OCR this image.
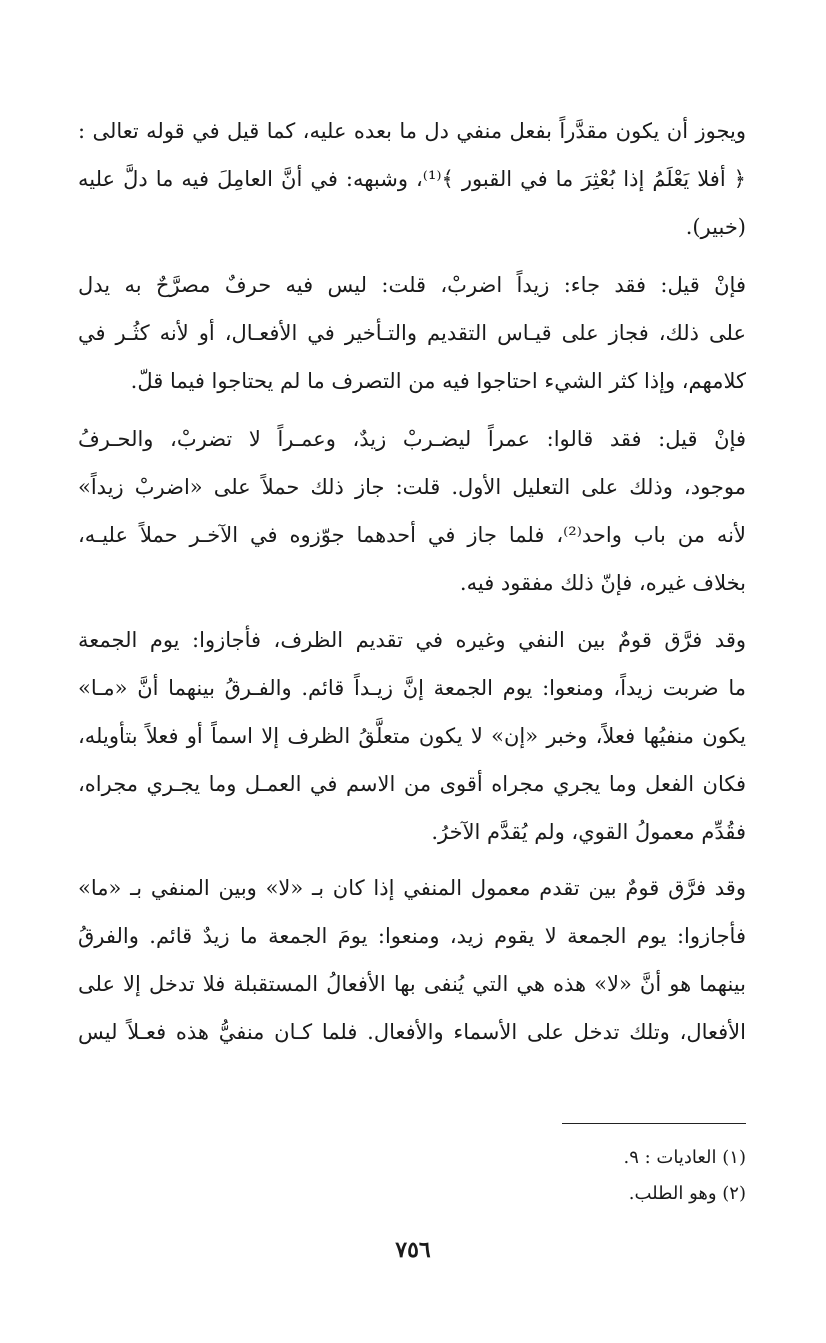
ويجوز أن يكون مقدَّراً بفعل منفي دل ما بعده عليه، كما قيل في قوله تعالى :
﴿ أفلا يَعْلَمُ إذا بُعْثِرَ ما في القبور ﴾⁽¹⁾، وشبهه: في أنَّ العامِلَ فيه ما دلَّ عليه
(خبير).
فإنْ قيل: فقد جاء: زيداً اضربْ، قلت: ليس فيه حرفٌ مصرَّحٌ به يدل
على ذلك، فجاز على قيـاس التقديم والتـأخير في الأفعـال، أو لأنه كثُـر في
كلامهم، وإذا كثر الشيء احتاجوا فيه من التصرف ما لم يحتاجوا فيما قلّ.
فإنْ قيل: فقد قالوا: عمراً ليضـربْ زيدٌ، وعمـراً لا تضربْ، والحـرفُ
موجود، وذلك على التعليل الأول. قلت: جاز ذلك حملاً على «اضربْ زيداً»
لأنه من باب واحد⁽²⁾، فلما جاز في أحدهما جوّزوه في الآخـر حملاً عليـه،
بخلاف غيره، فإنّ ذلك مفقود فيه.
وقد فرَّق قومٌ بين النفي وغيره في تقديم الظرف، فأجازوا: يوم الجمعة
ما ضربت زيداً، ومنعوا: يوم الجمعة إنَّ زيـداً قائم. والفـرقُ بينهما أنَّ «مـا»
يكون منفيُها فعلاً، وخبر «إن» لا يكون متعلَّقُ الظرف إلا اسماً أو فعلاً بتأويله،
فكان الفعل وما يجري مجراه أقوى من الاسم في العمـل وما يجـري مجراه،
فقُدِّم معمولُ القوي، ولم يُقدَّم الآخرُ.
وقد فرَّق قومٌ بين تقدم معمول المنفي إذا كان بـ «لا» وبين المنفي بـ «ما»
فأجازوا: يوم الجمعة لا يقوم زيد، ومنعوا: يومَ الجمعة ما زيدٌ قائم. والفرقُ
بينهما هو أنَّ «لا» هذه هي التي يُنفى بها الأفعالُ المستقبلة فلا تدخل إلا على
الأفعال، وتلك تدخل على الأسماء والأفعال. فلما كـان منفيُّ هذه فعـلاً ليس
(١) العاديات : ٩.
(٢) وهو الطلب.
٧٥٦
